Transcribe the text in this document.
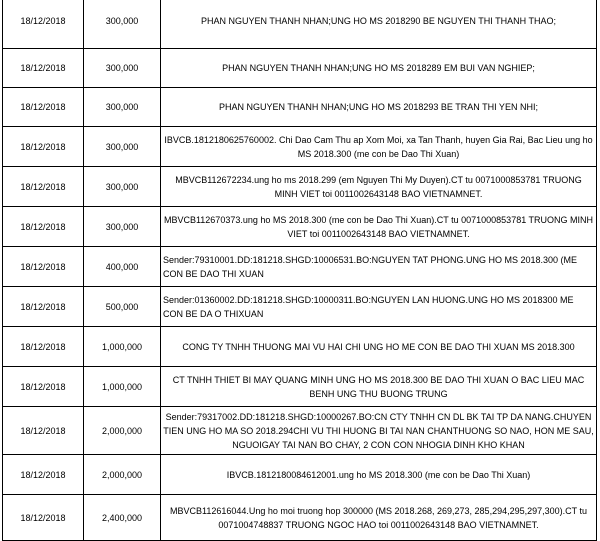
18/12/2018	300,000	PHAN NGUYEN THANH NHAN;UNG HO MS 2018290 BE NGUYEN THI THANH THAO;
18/12/2018	300,000	PHAN NGUYEN THANH NHAN;UNG HO MS 2018289 EM BUI VAN NGHIEP;
18/12/2018	300,000	PHAN NGUYEN THANH NHAN;UNG HO MS 2018293 BE TRAN THI YEN NHI;
18/12/2018	300,000	IBVCB.1812180625760002. Chi Dao Cam Thu ap Xom Moi, xa Tan Thanh, huyen Gia Rai, Bac Lieu ung ho MS 2018.300 (me con be Dao Thi Xuan)
18/12/2018	300,000	MBVCB112672234.ung ho ms 2018.299 (em Nguyen Thi My Duyen).CT tu 0071000853781 TRUONG MINH VIET toi 0011002643148 BAO VIETNAMNET.
18/12/2018	300,000	MBVCB112670373.ung ho MS 2018.300 (me con be Dao Thi Xuan).CT tu 0071000853781 TRUONG MINH VIET toi 0011002643148 BAO VIETNAMNET.
18/12/2018	400,000	Sender:79310001.DD:181218.SHGD:10006531.BO:NGUYEN TAT PHONG.UNG HO MS 2018.300 (ME CON BE DAO THI XUAN
18/12/2018	500,000	Sender:01360002.DD:181218.SHGD:10000311.BO:NGUYEN LAN HUONG.UNG HO MS 2018300 ME CON BE DA O THIXUAN
18/12/2018	1,000,000	CONG TY TNHH THUONG MAI VU HAI CHI UNG HO ME CON BE DAO THI XUAN MS 2018.300
18/12/2018	1,000,000	CT TNHH THIET BI MAY QUANG MINH UNG HO MS 2018.300 BE DAO THI XUAN O BAC LIEU MAC BENH UNG THU BUONG TRUNG
18/12/2018	2,000,000	Sender:79317002.DD:181218.SHGD:10000267.BO:CN CTY TNHH CN DL BK TAI TP DA NANG.CHUYEN TIEN UNG HO MA SO 2018.294CHI VU THI HUONG BI TAI NAN CHANTHUONG SO NAO, HON ME SAU, NGUOIGAY TAI NAN BO CHAY, 2 CON CON NHOGIA DINH KHO KHAN

18/12/2018	2,000,000	IBVCB.1812180084612001.ung ho MS 2018.300 (me con be Dao Thi Xuan)
18/12/2018	2,400,000	MBVCB112616044.Ung ho moi truong hop 300000 (MS 2018.268, 269,273, 285,294,295,297,300).CT tu 0071004748837 TRUONG NGOC HAO toi 0011002643148 BAO VIETNAMNET.
